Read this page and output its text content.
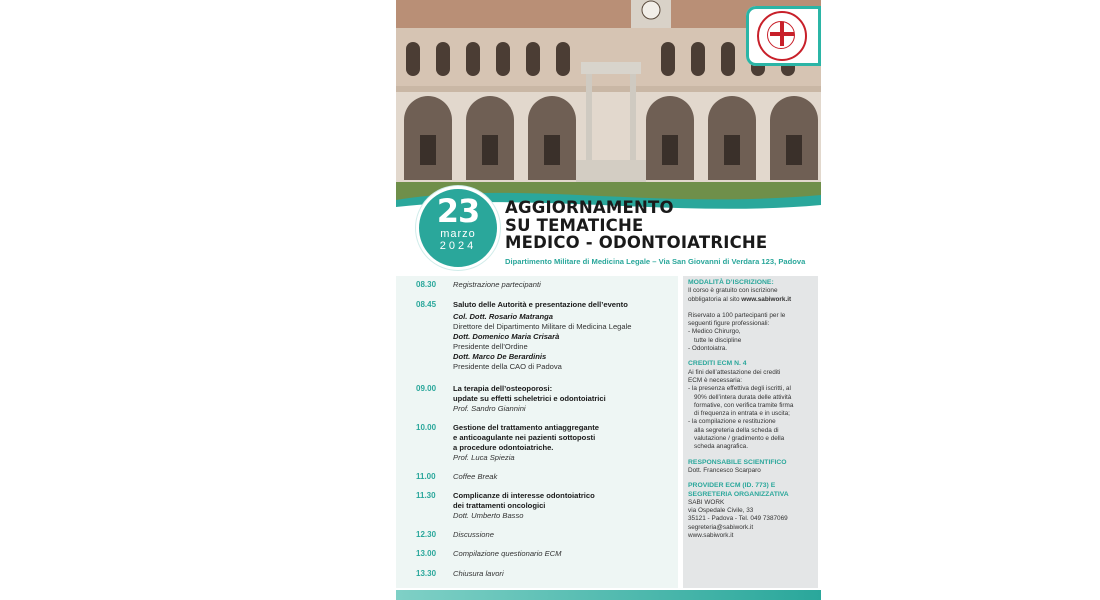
23
marzo
2024
AGGIORNAMENTO
SU TEMATICHE
MEDICO - ODONTOIATRICHE
Dipartimento Militare di Medicina Legale – Via San Giovanni di Verdara 123, Padova
08.30 Registrazione partecipanti
08.45 Saluto delle Autorità e presentazione dell’evento
Col. Dott. Rosario Matranga
Direttore del Dipartimento Militare di Medicina Legale
Dott. Domenico Maria Crisarà
Presidente dell’Ordine
Dott. Marco De Berardinis
Presidente della CAO di Padova
09.00 La terapia dell’osteoporosi:
update su effetti scheletrici e odontoiatrici
Prof. Sandro Giannini
10.00 Gestione del trattamento antiaggregante
e anticoagulante nei pazienti sottoposti
a procedure odontoiatriche.
Prof. Luca Spiezia
11.00 Coffee Break
11.30 Complicanze di interesse odontoiatrico
dei trattamenti oncologici
Dott. Umberto Basso
12.30 Discussione
13.00 Compilazione questionario ECM
13.30 Chiusura lavori
MODALITÀ D’ISCRIZIONE:

Il corso è gratuito con iscrizione

obbligatoria al sito www.sabiwork.it

Riservato a 100 partecipanti per le

seguenti figure professionali:

- Medico Chirurgo,

tutte le discipline

- Odontoiatra.

CREDITI ECM N. 4

Ai fini dell’attestazione dei crediti

ECM è necessaria:

- la presenza effettiva degli iscritti, al

90% dell’intera durata delle attività

formative, con verifica tramite firma

di frequenza in entrata e in uscita;

- la compilazione e restituzione

alla segreteria della scheda di

valutazione / gradimento e della

scheda anagrafica.

RESPONSABILE SCIENTIFICO

Dott. Francesco Scarparo

PROVIDER ECM (ID. 773) E
SEGRETERIA ORGANIZZATIVA

SABI WORK

via Ospedale Civile, 33

35121 - Padova - Tel. 049 7387069

segreteria@sabiwork.it

www.sabiwork.it
